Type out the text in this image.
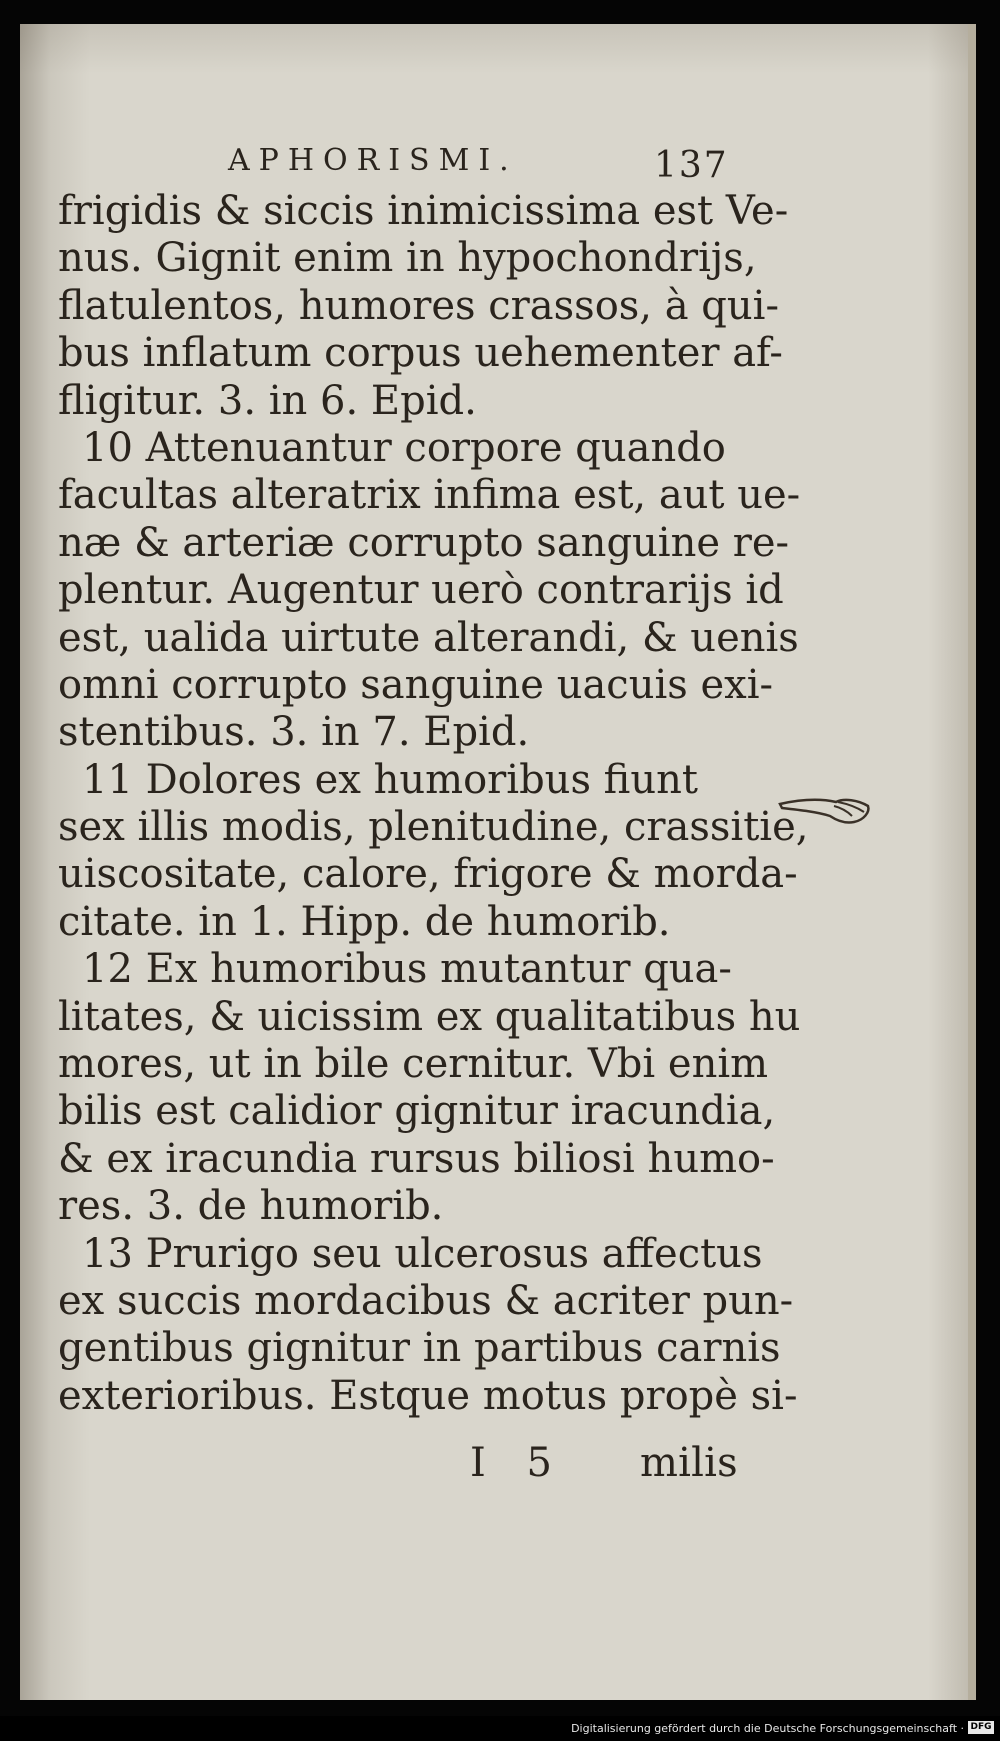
APHORISMI.	137
frigidis & siccis inimicissima est Ve-
nus. Gignit enim in hypochondrijs,
flatulentos, humores crassos, à qui-
bus inflatum corpus uehementer af-
fligitur. 3. in 6. Epid.
10 Attenuantur corpore quando
facultas alteratrix infima est, aut ue-
næ & arteriæ corrupto sanguine re-
plentur. Augentur uerò contrarijs id
est, ualida uirtute alterandi, & uenis
omni corrupto sanguine uacuis exi-
stentibus. 3. in 7. Epid.
11 Dolores ex humoribus fiunt
sex illis modis, plenitudine, crassitie,
uiscositate, calore, frigore & morda-
citate. in 1. Hipp. de humorib.
12 Ex humoribus mutantur qua-
litates, & uicissim ex qualitatibus hu
mores, ut in bile cernitur. Vbi enim
bilis est calidior gignitur iracundia,
& ex iracundia rursus biliosi humo-
res. 3. de humorib.
13 Prurigo seu ulcerosus affectus
ex succis mordacibus & acriter pun-
gentibus gignitur in partibus carnis
exterioribus. Estque motus propè si-
I 5 milis
Digitalisierung gefördert durch die Deutsche Forschungsgemeinschaft · DFG
